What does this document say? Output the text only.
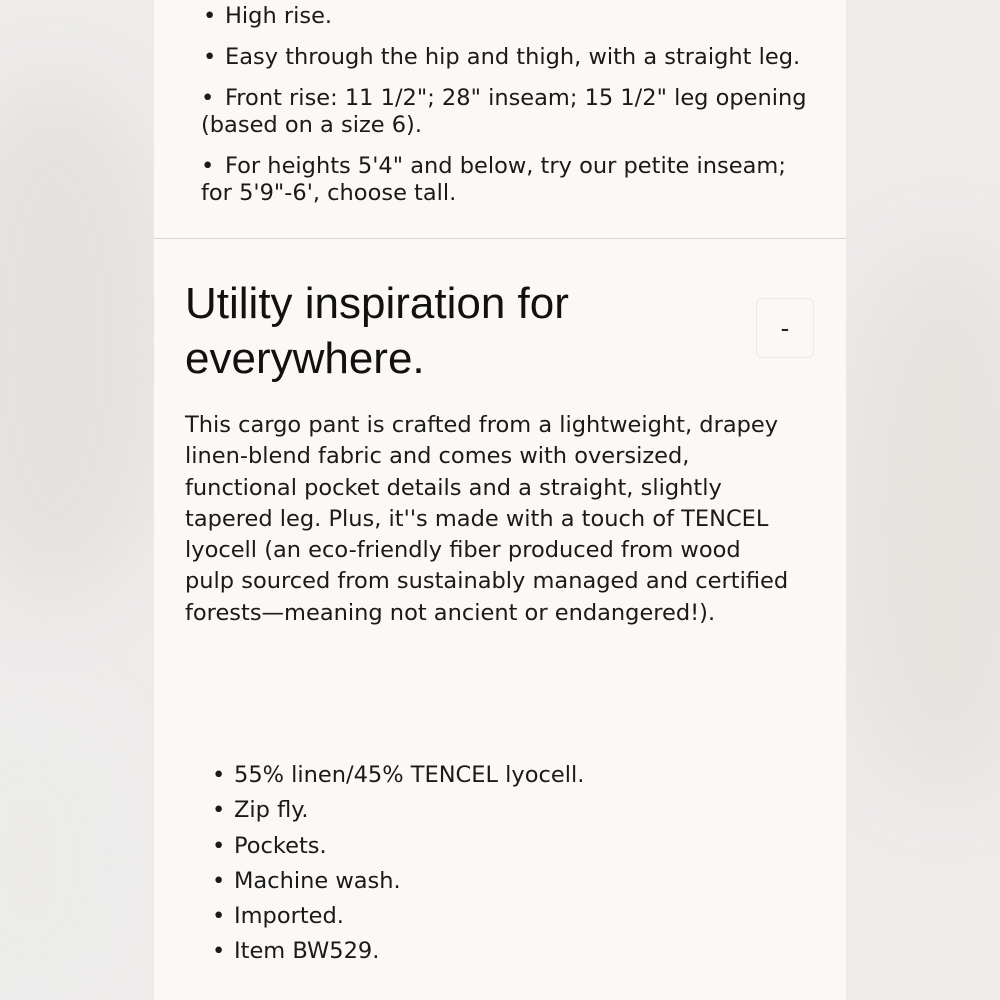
• High rise.
• Easy through the hip and thigh, with a straight leg.
• Front rise: 11 1/2"; 28" inseam; 15 1/2" leg opening (based on a size 6).
• For heights 5'4" and below, try our petite inseam; for 5'9"-6', choose tall.
Utility inspiration for everywhere.
-

This cargo pant is crafted from a lightweight, drapey linen-blend fabric and comes with oversized, functional pocket details and a straight, slightly tapered leg. Plus, it''s made with a touch of TENCEL lyocell (an eco-friendly fiber produced from wood pulp sourced from sustainably managed and certified forests—meaning not ancient or endangered!).

• 55% linen/45% TENCEL lyocell.
• Zip fly.
• Pockets.
• Machine wash.
• Imported.
• Item BW529.
